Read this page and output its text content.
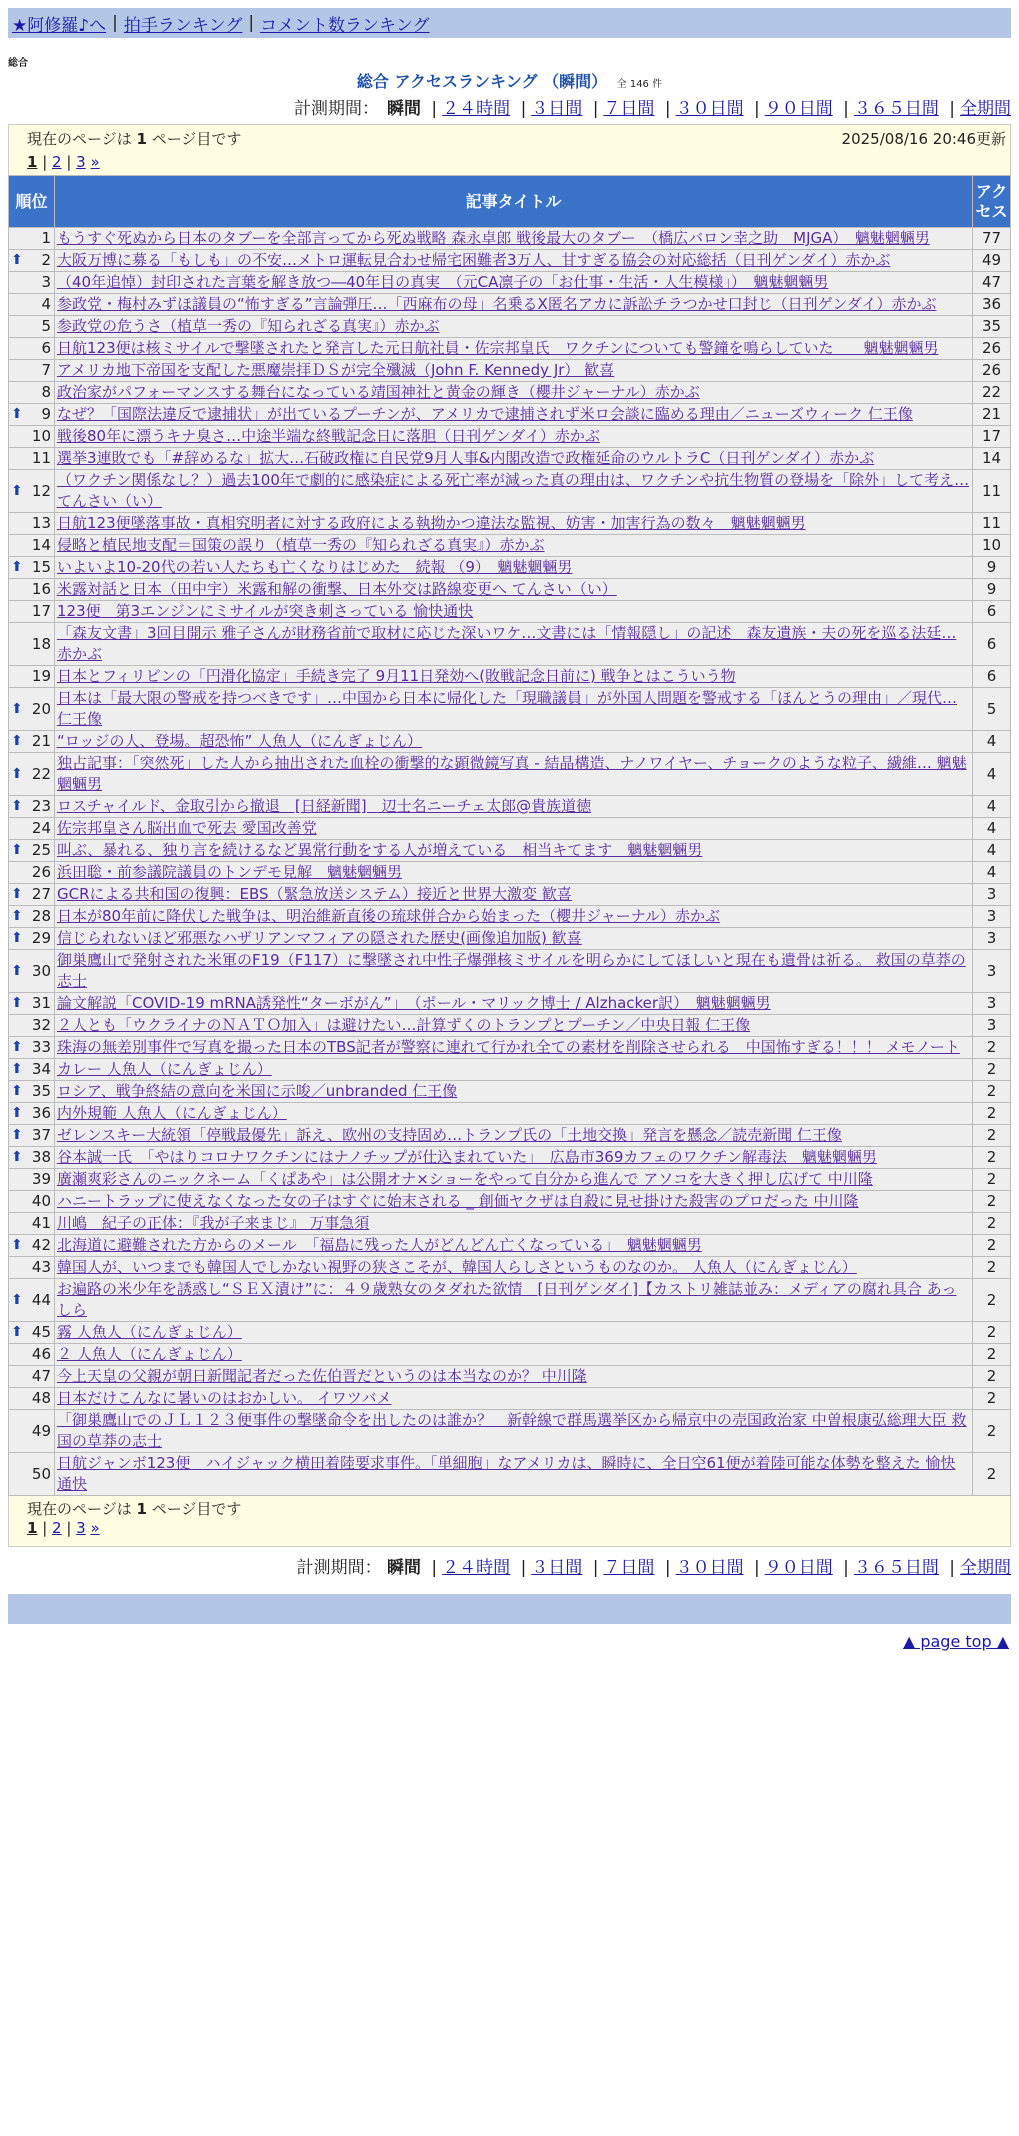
★阿修羅♪へ | 拍手ランキング | コメント数ランキング
総合
総合 アクセスランキング （瞬間） 全 146 件
計測期間： 瞬間 | ２４時間 | ３日間 | ７日間 | ３０日間 | ９０日間 | ３６５日間 | 全期間
現在のページは 1 ページ目です	2025/08/16 20:46更新
1 | 2 | 3 »
順位	記事タイトル	アクセス
1	もうすぐ死ぬから日本のタブーを全部言ってから死ぬ戦略 森永卓郎 戦後最大のタブー　（橋広バロン幸之助　MJGA）　魑魅魍魎男	77

⬆ 2	大阪万博に募る「もしも」の不安…メトロ運転見合わせ帰宅困難者3万人、甘すぎる協会の対応総括（日刊ゲンダイ）赤かぶ	49
3	（40年追悼）封印された言葉を解き放つ―40年目の真実　（元CA凛子の「お仕事・生活・人生模様」）　魑魅魍魎男	47
4	参政党・梅村みずほ議員の“怖すぎる”言論弾圧…「西麻布の母」名乗るX匿名アカに訴訟チラつかせ口封じ（日刊ゲンダイ）赤かぶ	36
5	参政党の危うさ（植草一秀の『知られざる真実』）赤かぶ	35
6	日航123便は核ミサイルで撃墜されたと発言した元日航社員・佐宗邦皇氏　ワクチンについても警鐘を鳴らしていた　　魑魅魍魎男	26
7	アメリカ地下帝国を支配した悪魔崇拝ＤＳが完全殲滅（John F. Kennedy Jr） 歓喜	26
8	政治家がパフォーマンスする舞台になっている靖国神社と黄金の輝き（櫻井ジャーナル）赤かぶ	22

⬆ 9	なぜ？「国際法違反で逮捕状」が出ているプーチンが、アメリカで逮捕されず米ロ会談に臨める理由／ニューズウィーク 仁王像	21
10	戦後80年に漂うキナ臭さ…中途半端な終戦記念日に落胆（日刊ゲンダイ）赤かぶ	17
11	選挙3連敗でも「#辞めるな」拡大…石破政権に自民党9月人事&内閣改造で政権延命のウルトラC（日刊ゲンダイ）赤かぶ	14

⬆ 12	（ワクチン関係なし？）過去100年で劇的に感染症による死亡率が減った真の理由は、ワクチンや抗生物質の登場を「除外」して考え… てんさい（い）	11
13	日航123便墜落事故・真相究明者に対する政府による執拗かつ違法な監視、妨害・加害行為の数々　魑魅魍魎男	11
14	侵略と植民地支配＝国策の誤り（植草一秀の『知られざる真実』）赤かぶ	10

⬆ 15	いよいよ10-20代の若い人たちも亡くなりはじめた　続報 （9）　魑魅魍魎男	9
16	米露対話と日本（田中宇）米露和解の衝撃、日本外交は路線変更へ てんさい（い）	9
17	123便　第3エンジンにミサイルが突き刺さっている 愉快通快	6
18	「森友文書」3回目開示 雅子さんが財務省前で取材に応じた深いワケ…文書には「情報隠し」の記述　森友遺族・夫の死を巡る法廷… 赤かぶ	6
19	日本とフィリピンの「円滑化協定」手続き完了 9月11日発効へ(敗戦記念日前に) 戦争とはこういう物	6

⬆ 20	日本は「最大限の警戒を持つべきです」…中国から日本に帰化した「現職議員」が外国人問題を警戒する「ほんとうの理由」／現代… 仁王像	5

⬆ 21	“ロッジの人、登場。超恐怖” 人魚人（にんぎょじん）	4

⬆ 22	独占記事：「突然死」した人から抽出された血栓の衝撃的な顕微鏡写真 - 結晶構造、ナノワイヤー、チョークのような粒子、繊維… 魑魅魍魎男	4

⬆ 23	ロスチャイルド、金取引から撤退　[日経新聞]　辺士名ニーチェ太郎@貴族道徳	4
24	佐宗邦皇さん脳出血で死去 愛国改善党	4

⬆ 25	叫ぶ、暴れる、独り言を続けるなど異常行動をする人が増えている　相当キてます　魑魅魍魎男	4
26	浜田聡・前参議院議員のトンデモ見解　魑魅魍魎男	4

⬆ 27	GCRによる共和国の復興：EBS（緊急放送システム）接近と世界大激変 歓喜	3

⬆ 28	日本が80年前に降伏した戦争は、明治維新直後の琉球併合から始まった（櫻井ジャーナル）赤かぶ	3

⬆ 29	信じられないほど邪悪なハザリアンマフィアの隠された歴史(画像追加版) 歓喜	3

⬆ 30	御巣鷹山で発射された米軍のF19（F117）に撃墜され中性子爆弾核ミサイルを明らかにしてほしいと現在も遺骨は祈る。 救国の草莽の志士	3

⬆ 31	論文解説「COVID-19 mRNA誘発性“ターボがん”」　（ポール・マリック博士 / Alzhacker訳）　魑魅魍魎男	3
32	２人とも「ウクライナのＮＡＴＯ加入」は避けたい…計算ずくのトランプとプーチン／中央日報 仁王像	3

⬆ 33	珠海の無差別事件で写真を撮った日本のTBS記者が警察に連れて行かれ全ての素材を削除させられる　中国怖すぎる！！！ メモノート	2

⬆ 34	カレー 人魚人（にんぎょじん）	2

⬆ 35	ロシア、戦争終結の意向を米国に示唆／unbranded 仁王像	2

⬆ 36	内外規範 人魚人（にんぎょじん）	2

⬆ 37	ゼレンスキー大統領「停戦最優先」訴え、欧州の支持固め…トランプ氏の「土地交換」発言を懸念／読売新聞 仁王像	2

⬆ 38	谷本誠一氏　「やはりコロナワクチンにはナノチップが仕込まれていた」　広島市369カフェのワクチン解毒法　魑魅魍魎男	2
39	廣瀬爽彩さんのニックネーム「くぱあや」は公開オナ×ショーをやって自分から進んで アソコを大きく押し広げて 中川隆	2
40	ハニートラップに使えなくなった女の子はすぐに始末される _ 創価ヤクザは自殺に見せ掛けた殺害のプロだった 中川隆	2
41	川嶋　紀子の正体：『我が子来まじ』 万事急須	2

⬆ 42	北海道に避難された方からのメール　「福島に残った人がどんどん亡くなっている」　魑魅魍魎男	2
43	韓国人が、いつまでも韓国人でしかない視野の狭さこそが、韓国人らしさというものなのか。 人魚人（にんぎょじん）	2

⬆ 44	お遍路の米少年を誘惑し“ＳＥＸ漬け”に：４９歳熟女のタダれた欲情　[日刊ゲンダイ]【カストリ雑誌並み：メディアの腐れ具合 あっしら	2

⬆ 45	霧 人魚人（にんぎょじん）	2
46	２ 人魚人（にんぎょじん）	2
47	今上天皇の父親が朝日新聞記者だった佐伯晋だというのは本当なのか？ 中川隆	2
48	日本だけこんなに暑いのはおかしい。 イワツバメ	2
49	「御巣鷹山でのＪＬ１２３便事件の撃墜命令を出したのは誰か？　新幹線で群馬選挙区から帰京中の売国政治家 中曽根康弘総理大臣 救国の草莽の志士	2
50	日航ジャンボ123便　ハイジャック横田着陸要求事件。「単細胞」なアメリカは、瞬時に、全日空61便が着陸可能な体勢を整えた 愉快通快	2
現在のページは 1 ページ目です
1 | 2 | 3 »
計測期間： 瞬間 | ２４時間 | ３日間 | ７日間 | ３０日間 | ９０日間 | ３６５日間 | 全期間
▲ page top ▲
